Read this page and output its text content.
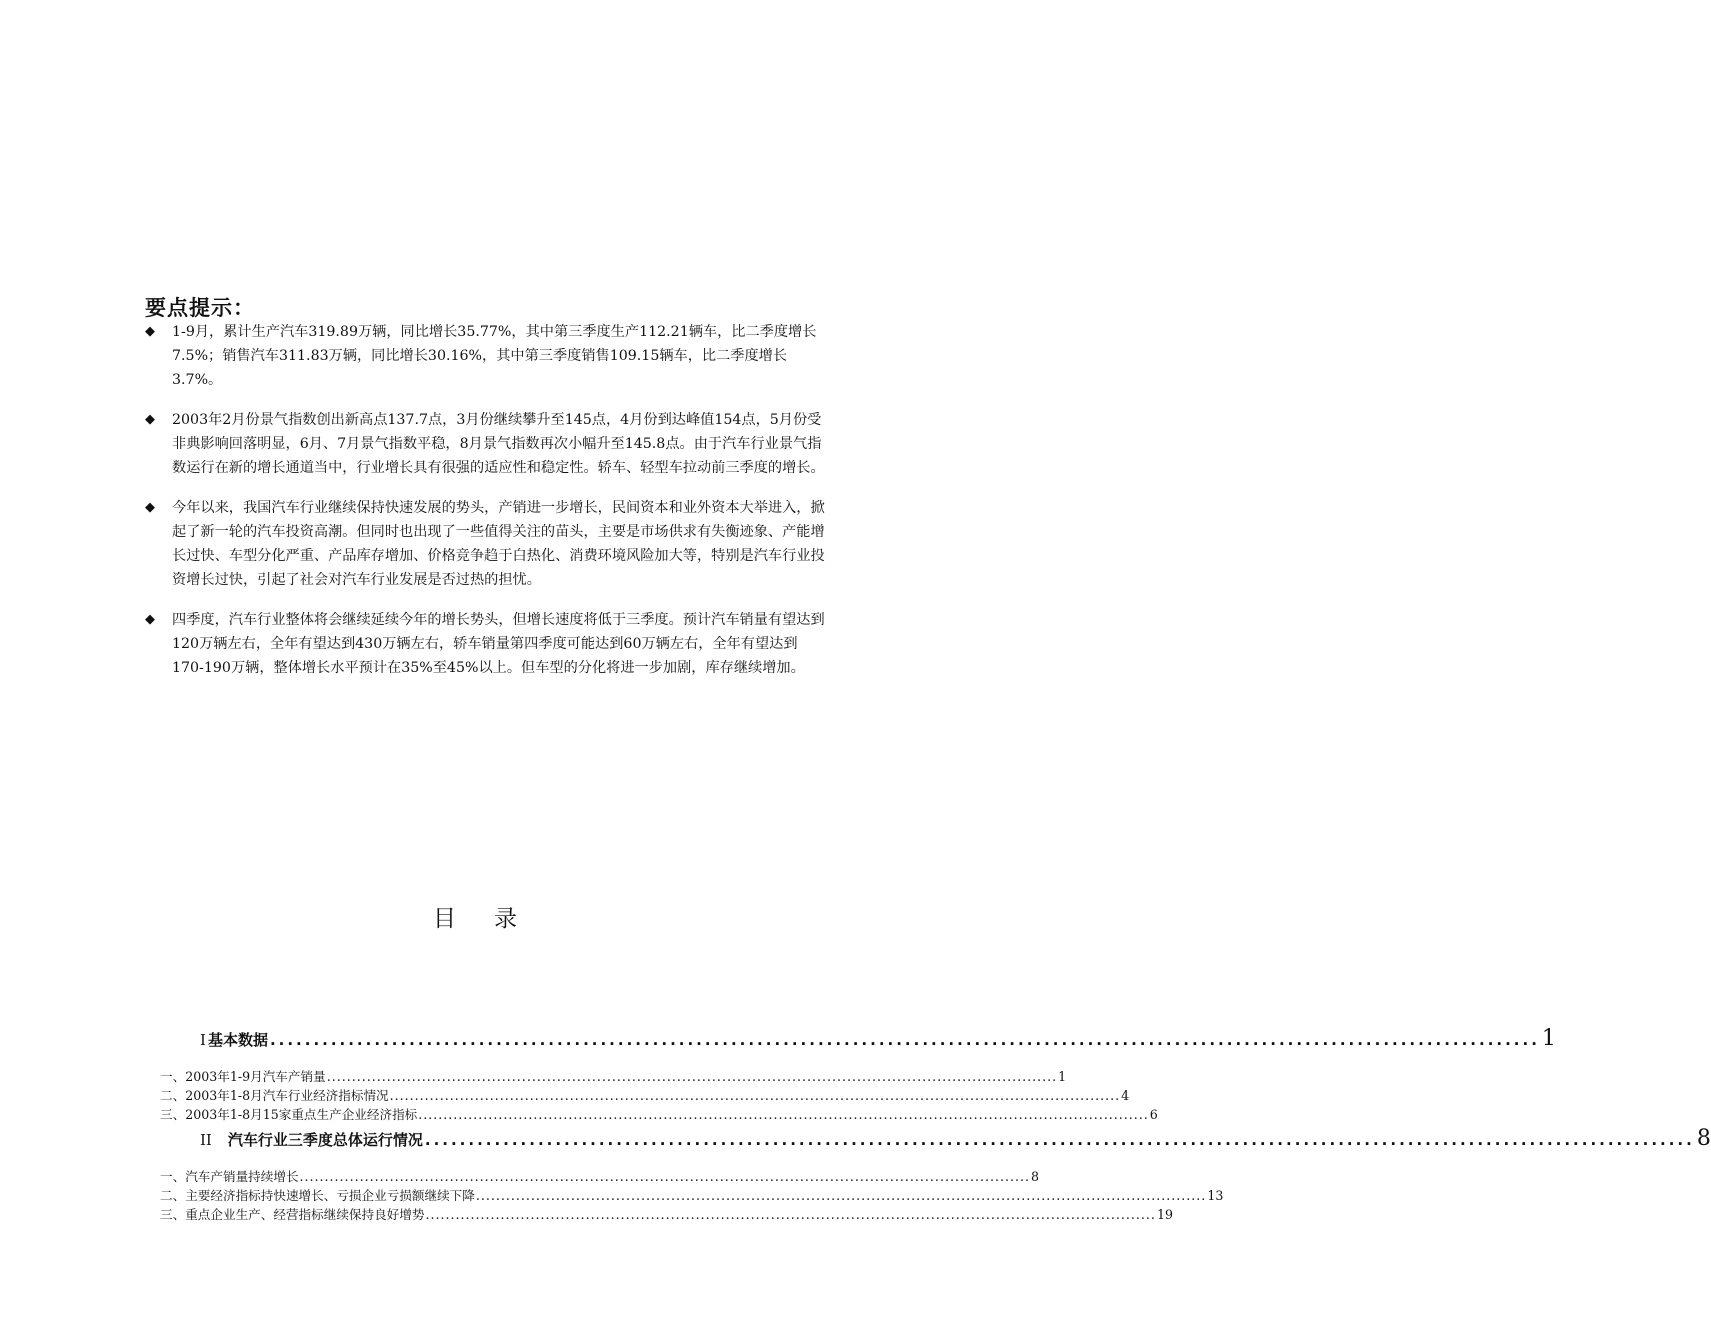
要点提示：
◆ 1-9月，累计生产汽车319.89万辆，同比增长35.77%，其中第三季度生产112.21辆车，比二季度增长7.5%；销售汽车311.83万辆，同比增长30.16%，其中第三季度销售109.15辆车，比二季度增长3.7%。

◆ 2003年2月份景气指数创出新高点137.7点，3月份继续攀升至145点，4月份到达峰值154点，5月份受非典影响回落明显，6月、7月景气指数平稳，8月景气指数再次小幅升至145.8点。由于汽车行业景气指数运行在新的增长通道当中，行业增长具有很强的适应性和稳定性。轿车、轻型车拉动前三季度的增长。

◆ 今年以来，我国汽车行业继续保持快速发展的势头，产销进一步增长，民间资本和业外资本大举进入，掀起了新一轮的汽车投资高潮。但同时也出现了一些值得关注的苗头，主要是市场供求有失衡迹象、产能增长过快、车型分化严重、产品库存增加、价格竞争趋于白热化、消费环境风险加大等，特别是汽车行业投资增长过快，引起了社会对汽车行业发展是否过热的担忧。

◆ 四季度，汽车行业整体将会继续延续今年的增长势头，但增长速度将低于三季度。预计汽车销量有望达到120万辆左右，全年有望达到430万辆左右，轿车销量第四季度可能达到60万辆左右，全年有望达到170-190万辆，整体增长水平预计在35%至45%以上。但车型的分化将进一步加剧，库存继续增加。

目录
I 基本数据 .................................................................................................................................................. 1
一、2003年1-9月汽车产销量 .................................................................................................................................................. 1
二、2003年1-8月汽车行业经济指标情况 .................................................................................................................................................. 4
三、2003年1-8月15家重点生产企业经济指标 .................................................................................................................................................. 6
II 汽车行业三季度总体运行情况 .................................................................................................................................................. 8
一、汽车产销量持续增长 .................................................................................................................................................. 8
二、主要经济指标持快速增长、亏损企业亏损额继续下降 .................................................................................................................................................. 13
三、重点企业生产、经营指标继续保持良好增势 .................................................................................................................................................. 19
